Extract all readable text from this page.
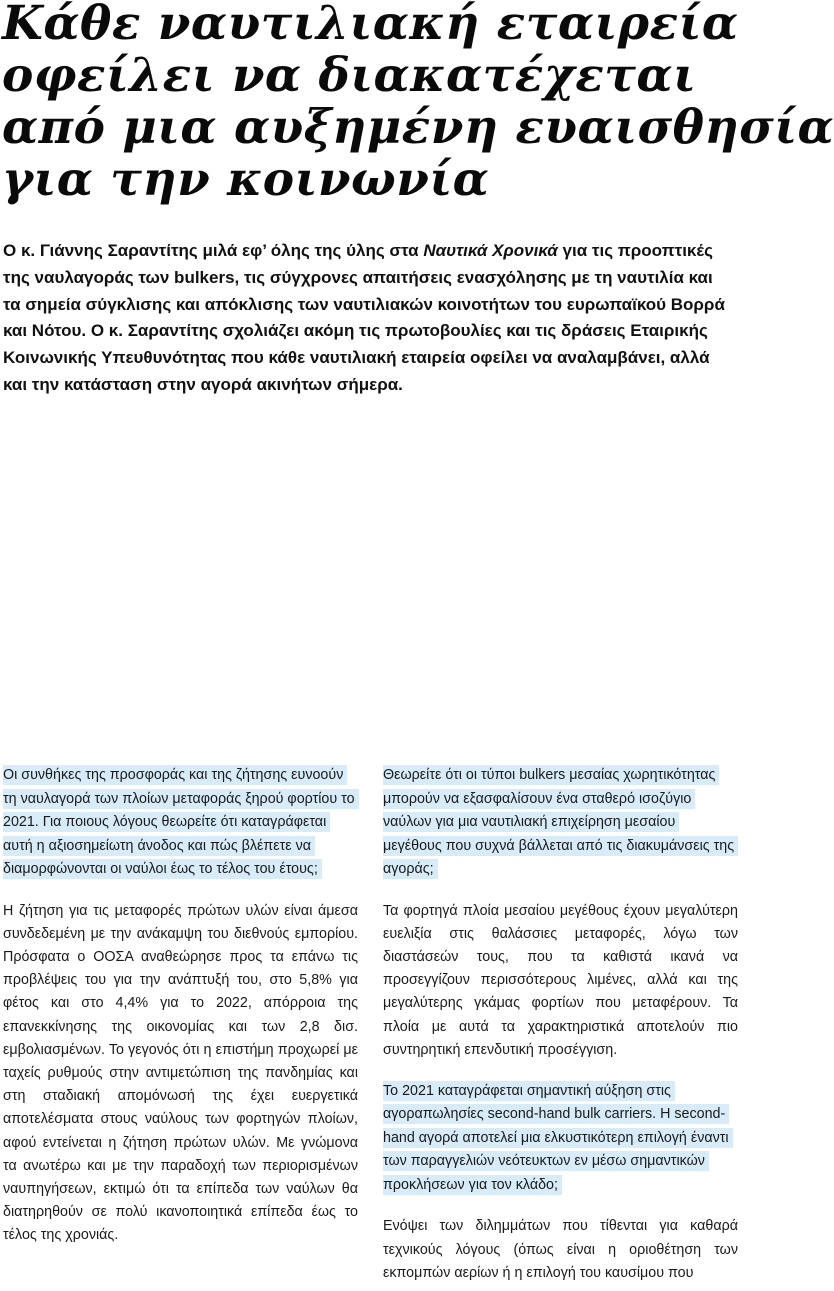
Κάθε ναυτιλιακή εταιρεία
οφείλει να διακατέχεται
από μια αυξημένη ευαισθησία
για την κοινωνία

Ο κ. Γιάννης Σαραντίτης μιλά εφ’ όλης της ύλης στα Ναυτικά Χρονικά για τις προοπτικές της ναυλαγοράς των bulkers, τις σύγχρονες απαιτήσεις ενασχόλησης με τη ναυτιλία και τα σημεία σύγκλισης και απόκλισης των ναυτιλιακών κοινοτήτων του ευρωπαϊκού Βορρά και Νότου. Ο κ. Σαραντίτης σχολιάζει ακόμη τις πρωτοβουλίες και τις δράσεις Εταιρικής Κοινωνικής Υπευθυνότητας που κάθε ναυτιλιακή εταιρεία οφείλει να αναλαμβάνει, αλλά και την κατάσταση στην αγορά ακινήτων σήμερα.

Οι συνθήκες της προσφοράς και της ζήτησης ευνοούν τη ναυλαγορά των πλοίων μεταφοράς ξηρού φορτίου το 2021. Για ποιους λόγους θεωρείτε ότι καταγράφεται αυτή η αξιοσημείωτη άνοδος και πώς βλέπετε να διαμορφώνονται οι ναύλοι έως το τέλος του έτους;

Η ζήτηση για τις μεταφορές πρώτων υλών είναι άμεσα συνδεδεμένη με την ανάκαμψη του διεθνούς εμπορίου. Πρόσφατα ο ΟΟΣΑ αναθεώρησε προς τα επάνω τις προβλέψεις του για την ανάπτυξή του, στο 5,8% για φέτος και στο 4,4% για το 2022, απόρροια της επανεκκίνησης της οικονομίας και των 2,8 δισ. εμβολιασμένων. Το γεγονός ότι η επιστήμη προχωρεί με ταχείς ρυθμούς στην αντιμετώπιση της πανδημίας και στη σταδιακή απομόνωσή της έχει ευεργετικά αποτελέσματα στους ναύλους των φορτηγών πλοίων, αφού εντείνεται η ζήτηση πρώτων υλών. Με γνώμονα τα ανωτέρω και με την παραδοχή των περιορισμένων ναυπηγήσεων, εκτιμώ ότι τα επίπεδα των ναύλων θα διατηρηθούν σε πολύ ικανοποιητικά επίπεδα έως το τέλος της χρονιάς.

Θεωρείτε ότι οι τύποι bulkers μεσαίας χωρητικότητας μπορούν να εξασφαλίσουν ένα σταθερό ισοζύγιο ναύλων για μια ναυτιλιακή επιχείρηση μεσαίου μεγέθους που συχνά βάλλεται από τις διακυμάνσεις της αγοράς;

Τα φορτηγά πλοία μεσαίου μεγέθους έχουν μεγαλύτερη ευελιξία στις θαλάσσιες μεταφορές, λόγω των διαστάσεών τους, που τα καθιστά ικανά να προσεγγίζουν περισσότερους λιμένες, αλλά και της μεγαλύτερης γκάμας φορτίων που μεταφέρουν. Τα πλοία με αυτά τα χαρακτηριστικά αποτελούν πιο συντηρητική επενδυτική προσέγγιση.

Το 2021 καταγράφεται σημαντική αύξηση στις αγοραπωλησίες second-hand bulk carriers. Η second-hand αγορά αποτελεί μια ελκυστικότερη επιλογή έναντι των παραγγελιών νεότευκτων εν μέσω σημαντικών προκλήσεων για τον κλάδο;

Ενόψει των διλημμάτων που τίθενται για καθαρά τεχνικούς λόγους (όπως είναι η οριοθέτηση των εκπομπών αερίων ή η επιλογή του καυσίμου που
